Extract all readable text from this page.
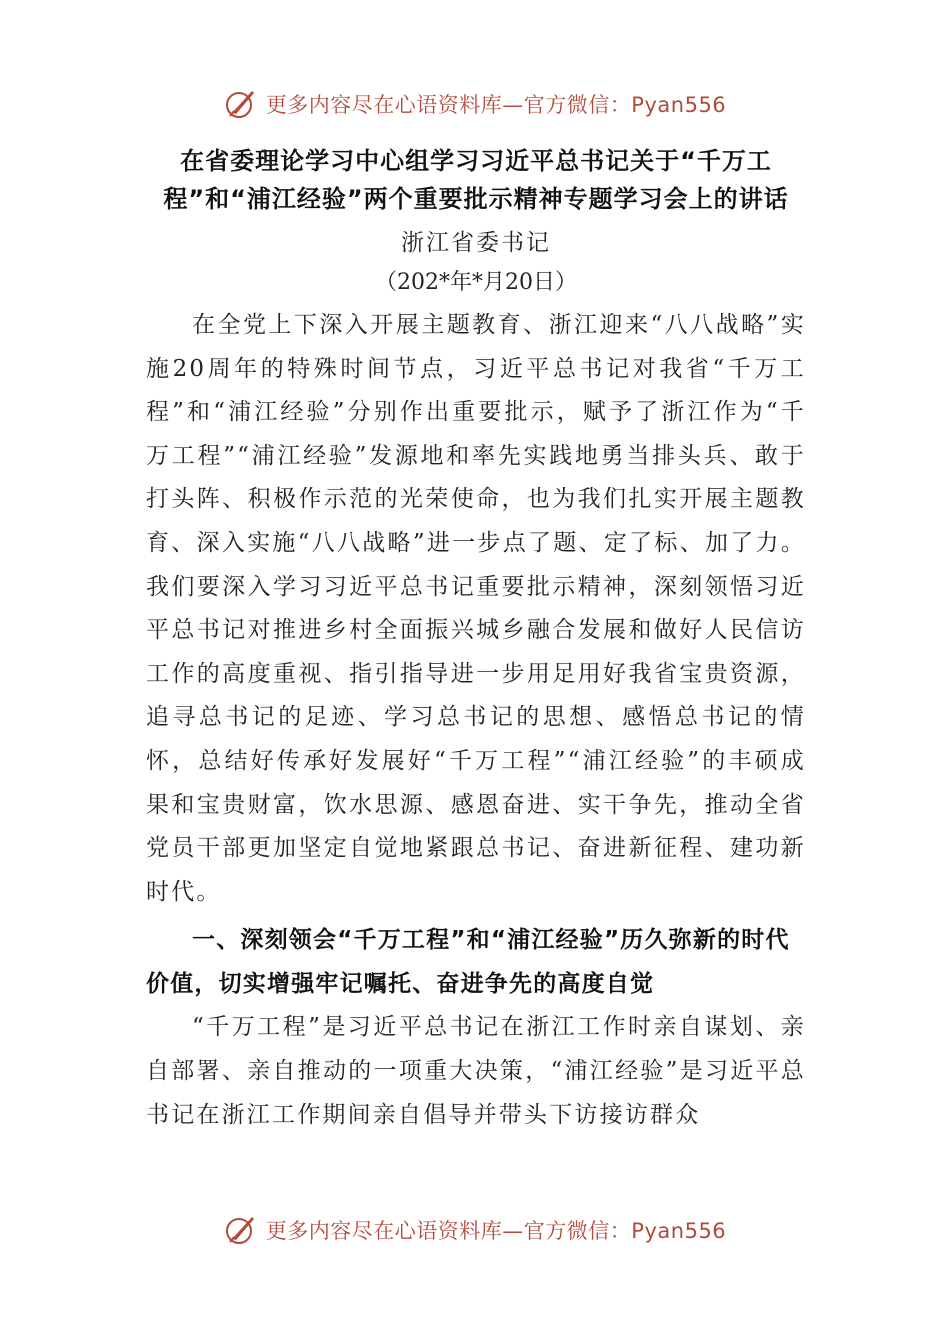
更多内容尽在心语资料库—官方微信：Pyan556
在省委理论学习中心组学习习近平总书记关于“千万工程”和“浦江经验”两个重要批示精神专题学习会上的讲话
浙江省委书记
（202*年*月20日）

在全党上下深入开展主题教育、浙江迎来“八八战略”实施20周年的特殊时间节点，习近平总书记对我省“千万工程”和“浦江经验”分别作出重要批示，赋予了浙江作为“千万工程”“浦江经验”发源地和率先实践地勇当排头兵、敢于打头阵、积极作示范的光荣使命，也为我们扎实开展主题教育、深入实施“八八战略”进一步点了题、定了标、加了力。我们要深入学习习近平总书记重要批示精神，深刻领悟习近平总书记对推进乡村全面振兴城乡融合发展和做好人民信访工作的高度重视、指引指导进一步用足用好我省宝贵资源，追寻总书记的足迹、学习总书记的思想、感悟总书记的情怀，总结好传承好发展好“千万工程”“浦江经验”的丰硕成果和宝贵财富，饮水思源、感恩奋进、实干争先，推动全省党员干部更加坚定自觉地紧跟总书记、奋进新征程、建功新时代。

一、深刻领会“千万工程”和“浦江经验”历久弥新的时代价值，切实增强牢记嘱托、奋进争先的高度自觉

“千万工程”是习近平总书记在浙江工作时亲自谋划、亲自部署、亲自推动的一项重大决策，“浦江经验”是习近平总书记在浙江工作期间亲自倡导并带头下访接访群众

更多内容尽在心语资料库—官方微信：Pyan556
